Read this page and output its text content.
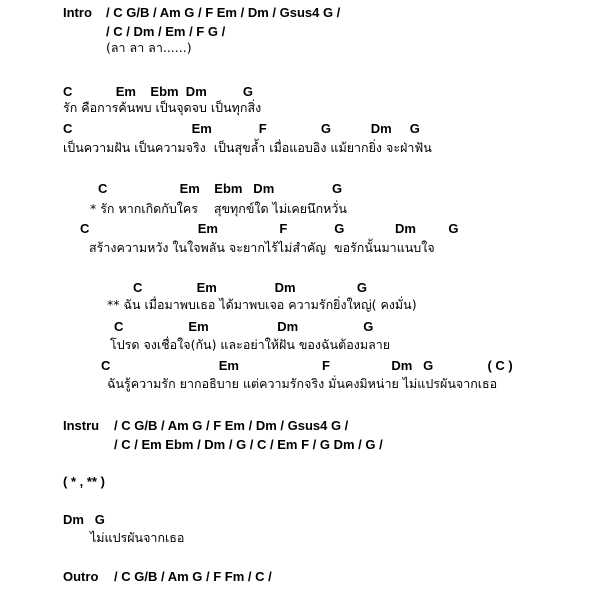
Intro / C G/B / Am G / F Em / Dm / Gsus4 G /
/ C / Dm / Em / F G /
(ลา ลา ลา......)
C            Em    Ebm  Dm          G
รัก คือการค้นพบ เป็นจุดจบ เป็นทุกสิ่ง
C                                 Em             F               G           Dm     G
เป็นความฝัน เป็นความจริง  เป็นสุขล้ำ เมื่อแอบอิง แม้ยากยิ่ง จะฝ่าฟัน
C                    Em    Ebm   Dm                G
* รัก หากเกิดกับใคร    สุขทุกข์ใด ไม่เคยนึกหวั่น
C                              Em                 F             G              Dm         G
สร้างความหวัง ในใจพลัน จะยากไร้ไม่สำคัญ  ขอรักนั้นมาแนบใจ
C               Em                Dm                 G
** ฉัน เมื่อมาพบเธอ ได้มาพบเจอ ความรักยิ่งใหญ่( คงมั่น)
C                  Em                   Dm                  G
โปรด จงเชื่อใจ(กัน) และอย่าให้ฝัน ของฉันต้องมลาย
C                              Em                       F                 Dm   G               ( C )
ฉันรู้ความรัก ยากอธิบาย แต่ความรักจริง มั่นคงมิหน่าย ไม่แปรผันจากเธอ
Instru / C G/B / Am G / F Em / Dm / Gsus4 G /
/ C / Em Ebm / Dm / G / C / Em F / G Dm / G /
( * , ** )
Dm   G
ไม่แปรผันจากเธอ
Outro / C G/B / Am G / F Fm / C /
